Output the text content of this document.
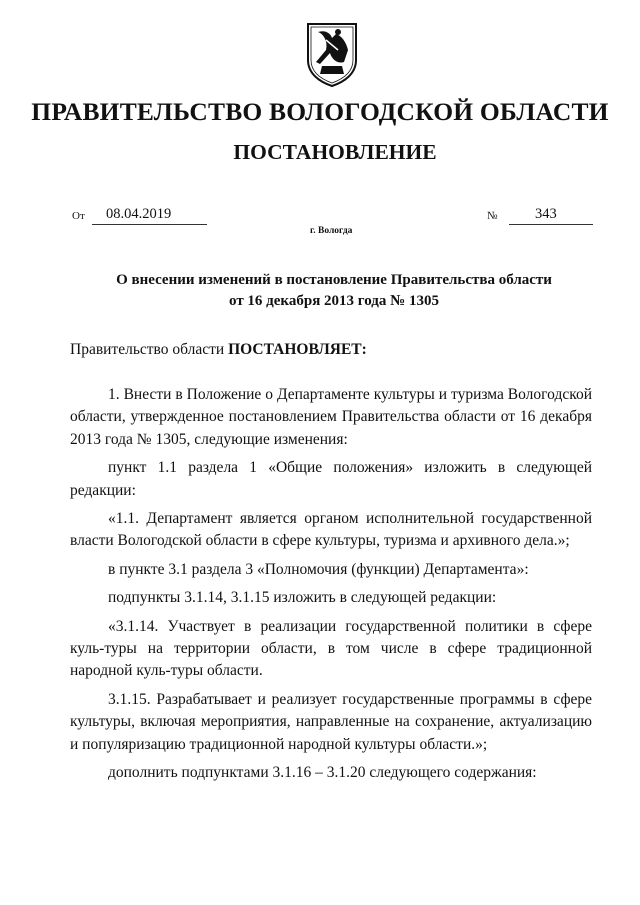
ПРАВИТЕЛЬСТВО ВОЛОГОДСКОЙ ОБЛАСТИ
ПОСТАНОВЛЕНИЕ
От	08.04.2019	№	343
г. Вологда
О внесении изменений в постановление Правительства области
от 16 декабря 2013 года № 1305
Правительство области ПОСТАНОВЛЯЕТ:

1. Внести в Положение о Департаменте культуры и туризма Вологодской области, утвержденное постановлением Правительства области от 16 декабря 2013 года № 1305, следующие изменения:

пункт 1.1 раздела 1 «Общие положения» изложить в следующей редакции:

«1.1. Департамент является органом исполнительной государственной власти Вологодской области в сфере культуры, туризма и архивного дела.»;

в пункте 3.1 раздела 3 «Полномочия (функции) Департамента»:

подпункты 3.1.14, 3.1.15 изложить в следующей редакции:

«3.1.14. Участвует в реализации государственной политики в сфере куль-туры на территории области, в том числе в сфере традиционной народной куль-туры области.

3.1.15. Разрабатывает и реализует государственные программы в сфере культуры, включая мероприятия, направленные на сохранение, актуализацию и популяризацию традиционной народной культуры области.»;

дополнить подпунктами 3.1.16 – 3.1.20 следующего содержания:
